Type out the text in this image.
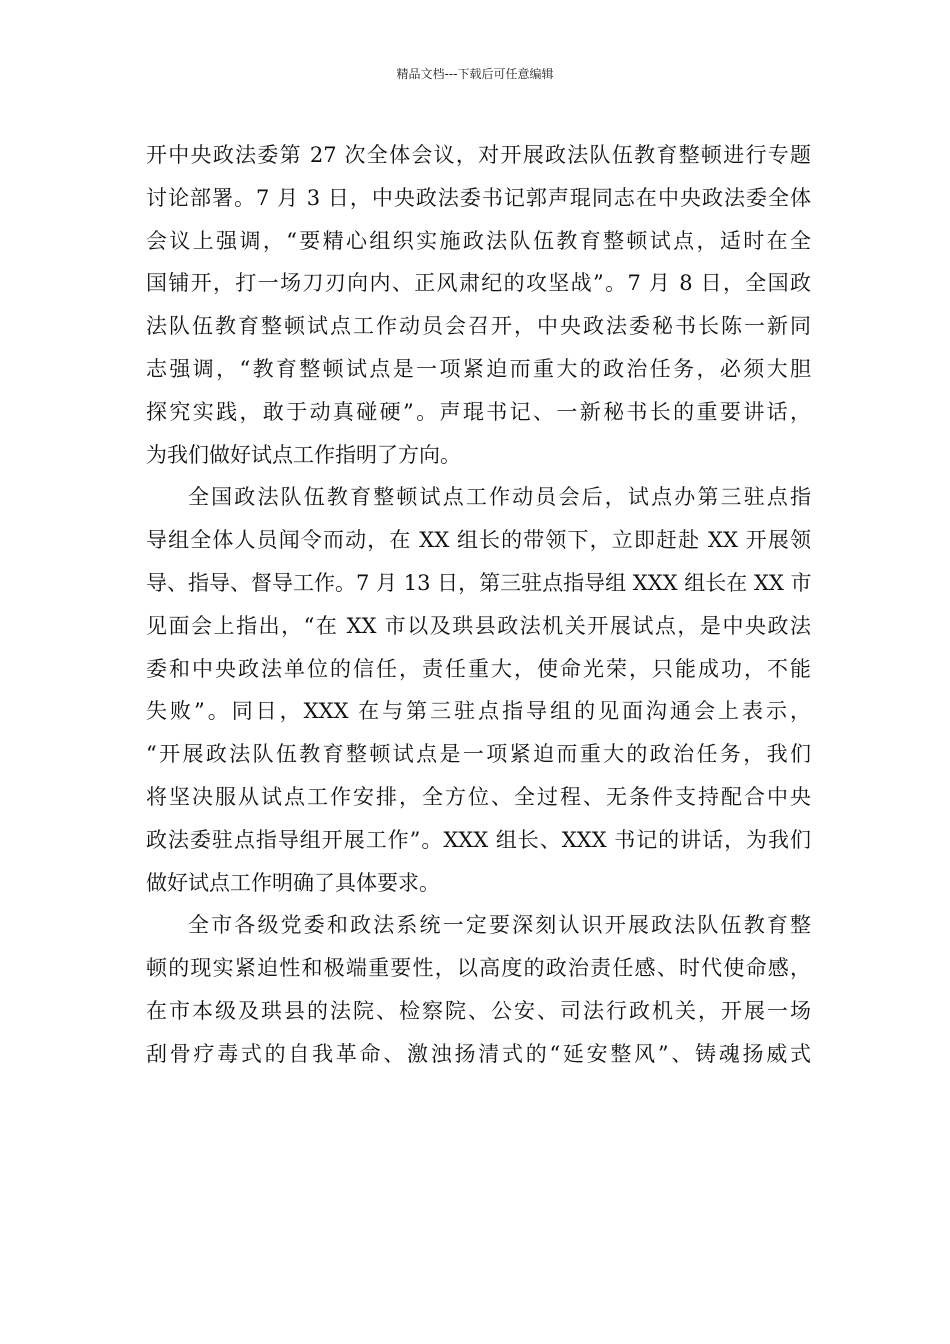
精品文档---下载后可任意编辑
开中央政法委第 27 次全体会议，对开展政法队伍教育整顿进行专题
讨论部署。7 月 3 日，中央政法委书记郭声琨同志在中央政法委全体
会议上强调，“要精心组织实施政法队伍教育整顿试点，适时在全
国铺开，打一场刀刃向内、正风肃纪的攻坚战”。7 月 8 日，全国政
法队伍教育整顿试点工作动员会召开，中央政法委秘书长陈一新同
志强调，“教育整顿试点是一项紧迫而重大的政治任务，必须大胆
探究实践，敢于动真碰硬”。声琨书记、一新秘书长的重要讲话，
为我们做好试点工作指明了方向。
全国政法队伍教育整顿试点工作动员会后，试点办第三驻点指
导组全体人员闻令而动，在 XX 组长的带领下，立即赶赴 XX 开展领
导、指导、督导工作。7 月 13 日，第三驻点指导组 XXX 组长在 XX 市
见面会上指出，“在 XX 市以及珙县政法机关开展试点，是中央政法
委和中央政法单位的信任，责任重大，使命光荣，只能成功，不能
失败”。同日，XXX 在与第三驻点指导组的见面沟通会上表示，
“开展政法队伍教育整顿试点是一项紧迫而重大的政治任务，我们
将坚决服从试点工作安排，全方位、全过程、无条件支持配合中央
政法委驻点指导组开展工作”。XXX 组长、XXX 书记的讲话，为我们
做好试点工作明确了具体要求。
全市各级党委和政法系统一定要深刻认识开展政法队伍教育整
顿的现实紧迫性和极端重要性，以高度的政治责任感、时代使命感，
在市本级及珙县的法院、检察院、公安、司法行政机关，开展一场
刮骨疗毒式的自我革命、激浊扬清式的“延安整风”、铸魂扬威式
